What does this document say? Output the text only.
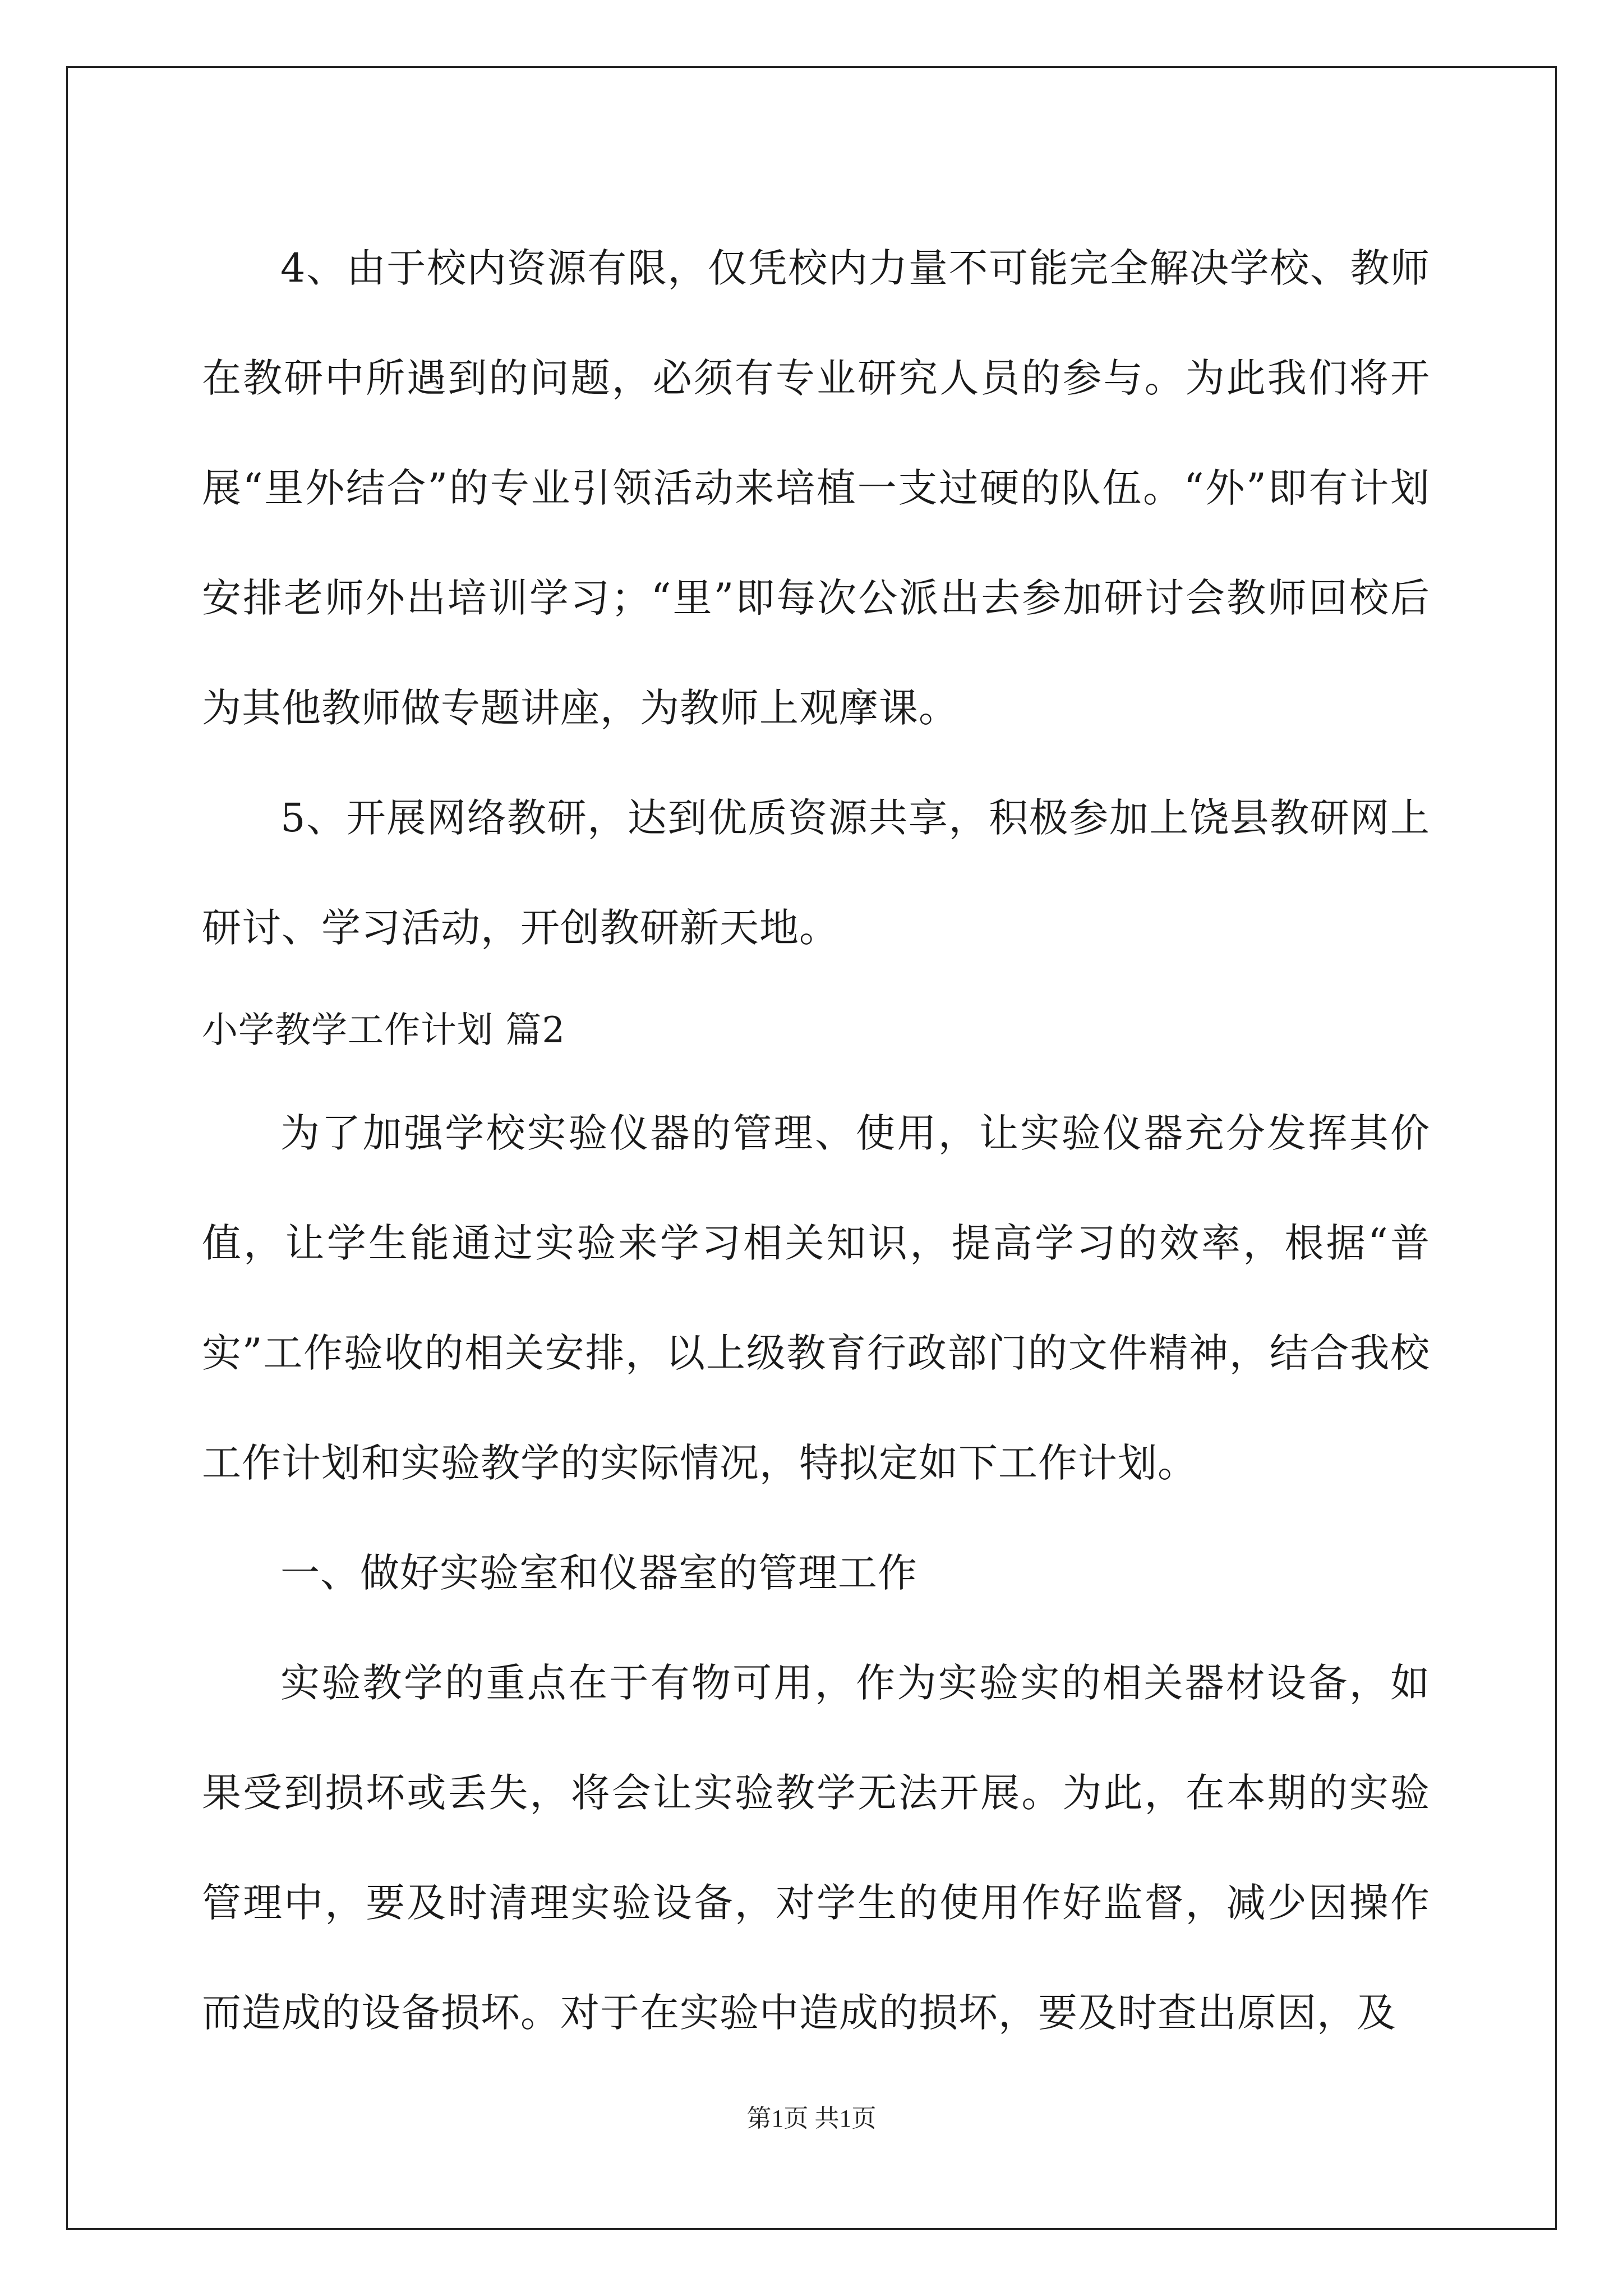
4、由于校内资源有限，仅凭校内力量不可能完全解决学校、教师在教研中所遇到的问题，必须有专业研究人员的参与。为此我们将开展“里外结合”的专业引领活动来培植一支过硬的队伍。“外”即有计划安排老师外出培训学习；“里”即每次公派出去参加研讨会教师回校后为其他教师做专题讲座，为教师上观摩课。

5、开展网络教研，达到优质资源共享，积极参加上饶县教研网上研讨、学习活动，开创教研新天地。

小学教学工作计划 篇2

为了加强学校实验仪器的管理、使用，让实验仪器充分发挥其价值，让学生能通过实验来学习相关知识，提高学习的效率，根据“普实”工作验收的相关安排，以上级教育行政部门的文件精神，结合我校工作计划和实验教学的实际情况，特拟定如下工作计划。

一、做好实验室和仪器室的管理工作

实验教学的重点在于有物可用，作为实验实的相关器材设备，如果受到损坏或丢失，将会让实验教学无法开展。为此，在本期的实验管理中，要及时清理实验设备，对学生的使用作好监督，减少因操作而造成的设备损坏。对于在实验中造成的损坏，要及时查出原因，及

第1页 共1页
